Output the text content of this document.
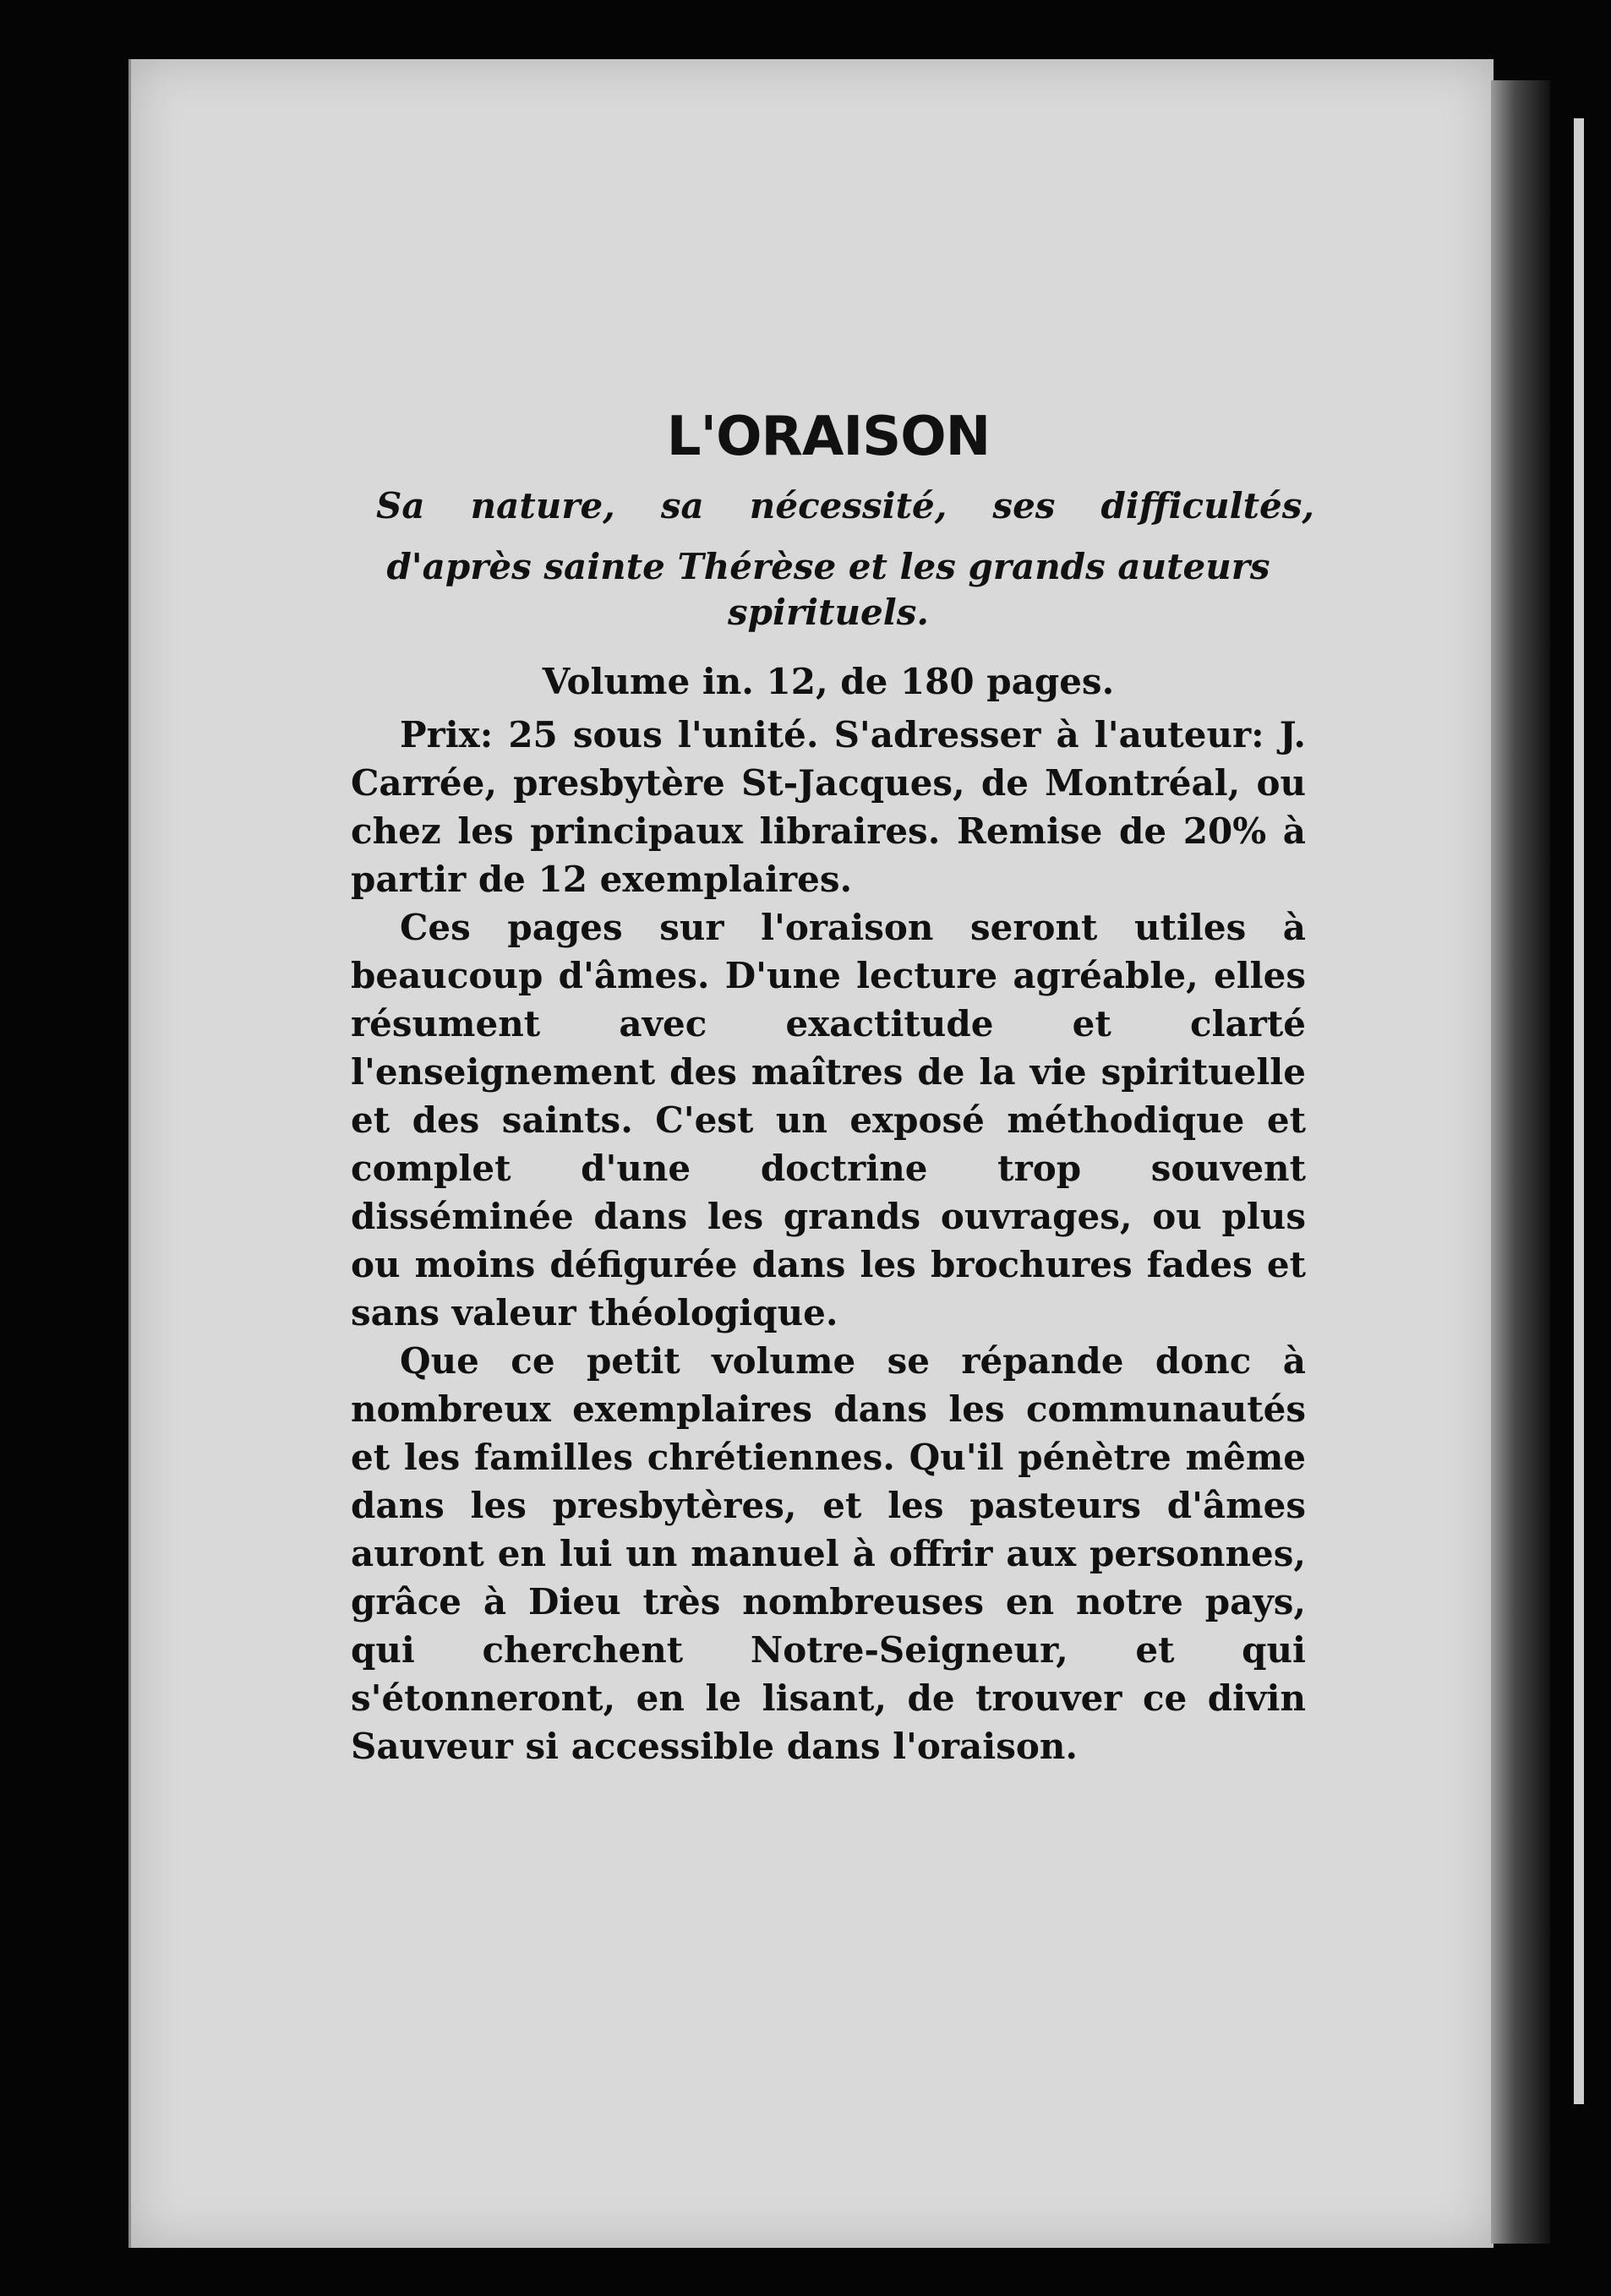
L'ORAISON

Sa nature, sa nécessité, ses difficultés,

d'après sainte Thérèse et les grands auteurs spirituels.

Volume in. 12, de 180 pages.

Prix: 25 sous l'unité. S'adresser à l'auteur: J. Carrée, presbytère St-Jacques, de Montréal, ou chez les principaux libraires. Remise de 20% à partir de 12 exemplaires.

Ces pages sur l'oraison seront utiles à beaucoup d'âmes. D'une lecture agréable, elles résument avec exactitude et clarté l'enseignement des maîtres de la vie spirituelle et des saints. C'est un exposé méthodique et complet d'une doctrine trop souvent disséminée dans les grands ouvrages, ou plus ou moins défigurée dans les brochures fades et sans valeur théologique.

Que ce petit volume se répande donc à nombreux exemplaires dans les communautés et les familles chrétiennes. Qu'il pénètre même dans les presbytères, et les pasteurs d'âmes auront en lui un manuel à offrir aux personnes, grâce à Dieu très nombreuses en notre pays, qui cherchent Notre-Seigneur, et qui s'étonneront, en le lisant, de trouver ce divin Sauveur si accessible dans l'oraison.
